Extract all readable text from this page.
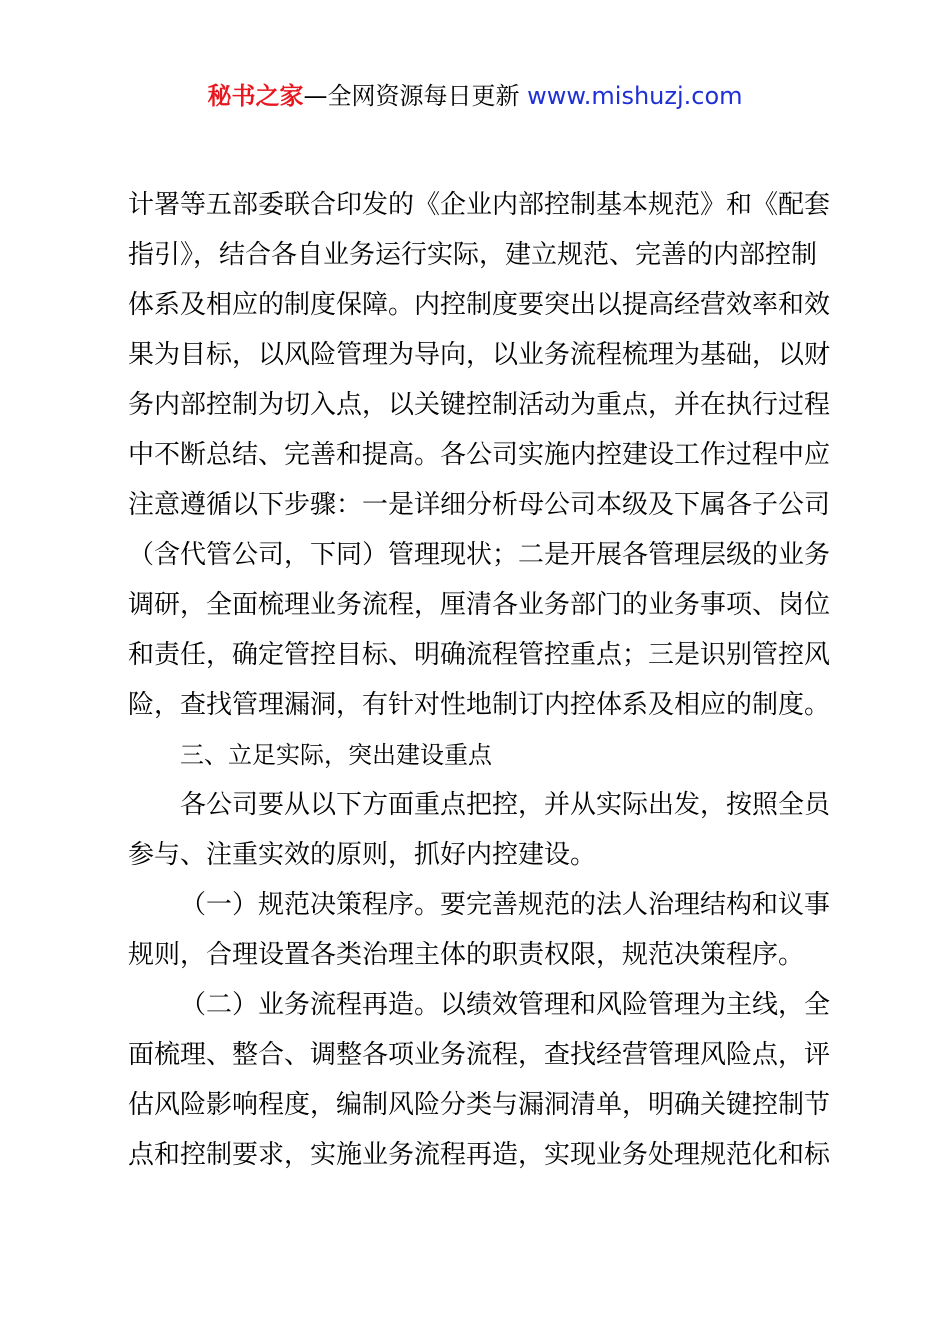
秘书之家—全网资源每日更新 www.mishuzj.com
计署等五部委联合印发的《企业内部控制基本规范》和《配套
指引》，结合各自业务运行实际，建立规范、完善的内部控制
体系及相应的制度保障。内控制度要突出以提高经营效率和效
果为目标，以风险管理为导向，以业务流程梳理为基础，以财
务内部控制为切入点，以关键控制活动为重点，并在执行过程
中不断总结、完善和提高。各公司实施内控建设工作过程中应
注意遵循以下步骤：一是详细分析母公司本级及下属各子公司
（含代管公司，下同）管理现状；二是开展各管理层级的业务
调研，全面梳理业务流程，厘清各业务部门的业务事项、岗位
和责任，确定管控目标、明确流程管控重点；三是识别管控风
险，查找管理漏洞，有针对性地制订内控体系及相应的制度。
三、立足实际，突出建设重点
各公司要从以下方面重点把控，并从实际出发，按照全员
参与、注重实效的原则，抓好内控建设。
（一）规范决策程序。要完善规范的法人治理结构和议事
规则，合理设置各类治理主体的职责权限，规范决策程序。
（二）业务流程再造。以绩效管理和风险管理为主线，全
面梳理、整合、调整各项业务流程，查找经营管理风险点，评
估风险影响程度，编制风险分类与漏洞清单，明确关键控制节
点和控制要求，实施业务流程再造，实现业务处理规范化和标
